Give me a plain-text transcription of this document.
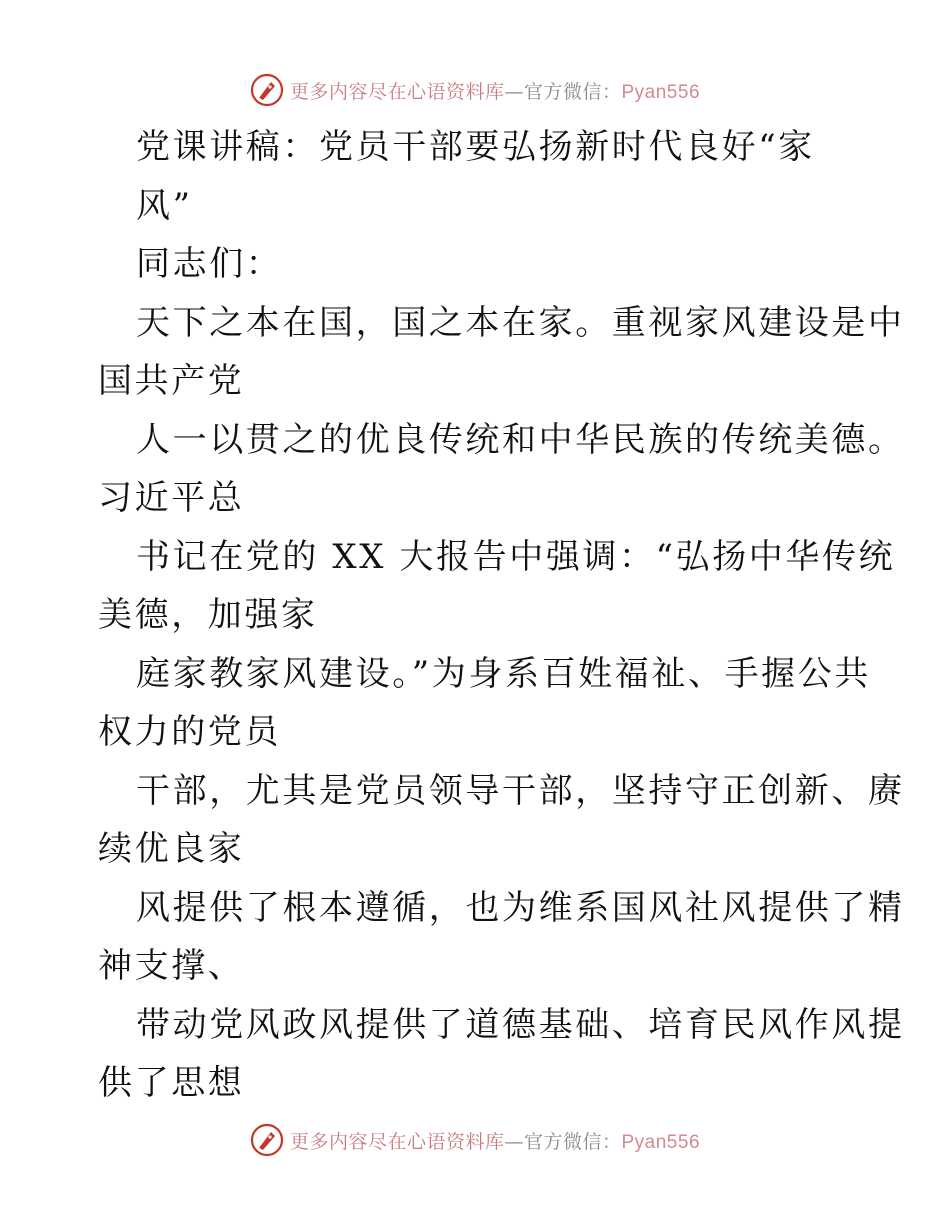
更多内容尽在心语资料库—官方微信：Pyan556
党课讲稿：党员干部要弘扬新时代良好“家
风”
同志们：
天下之本在国，国之本在家。重视家风建设是中
国共产党
人一以贯之的优良传统和中华民族的传统美德。
习近平总
书记在党的 XX 大报告中强调：“弘扬中华传统
美德，加强家
庭家教家风建设。”为身系百姓福祉、手握公共
权力的党员
干部，尤其是党员领导干部，坚持守正创新、赓
续优良家
风提供了根本遵循，也为维系国风社风提供了精
神支撑、
带动党风政风提供了道德基础、培育民风作风提
供了思想
更多内容尽在心语资料库—官方微信：Pyan556
